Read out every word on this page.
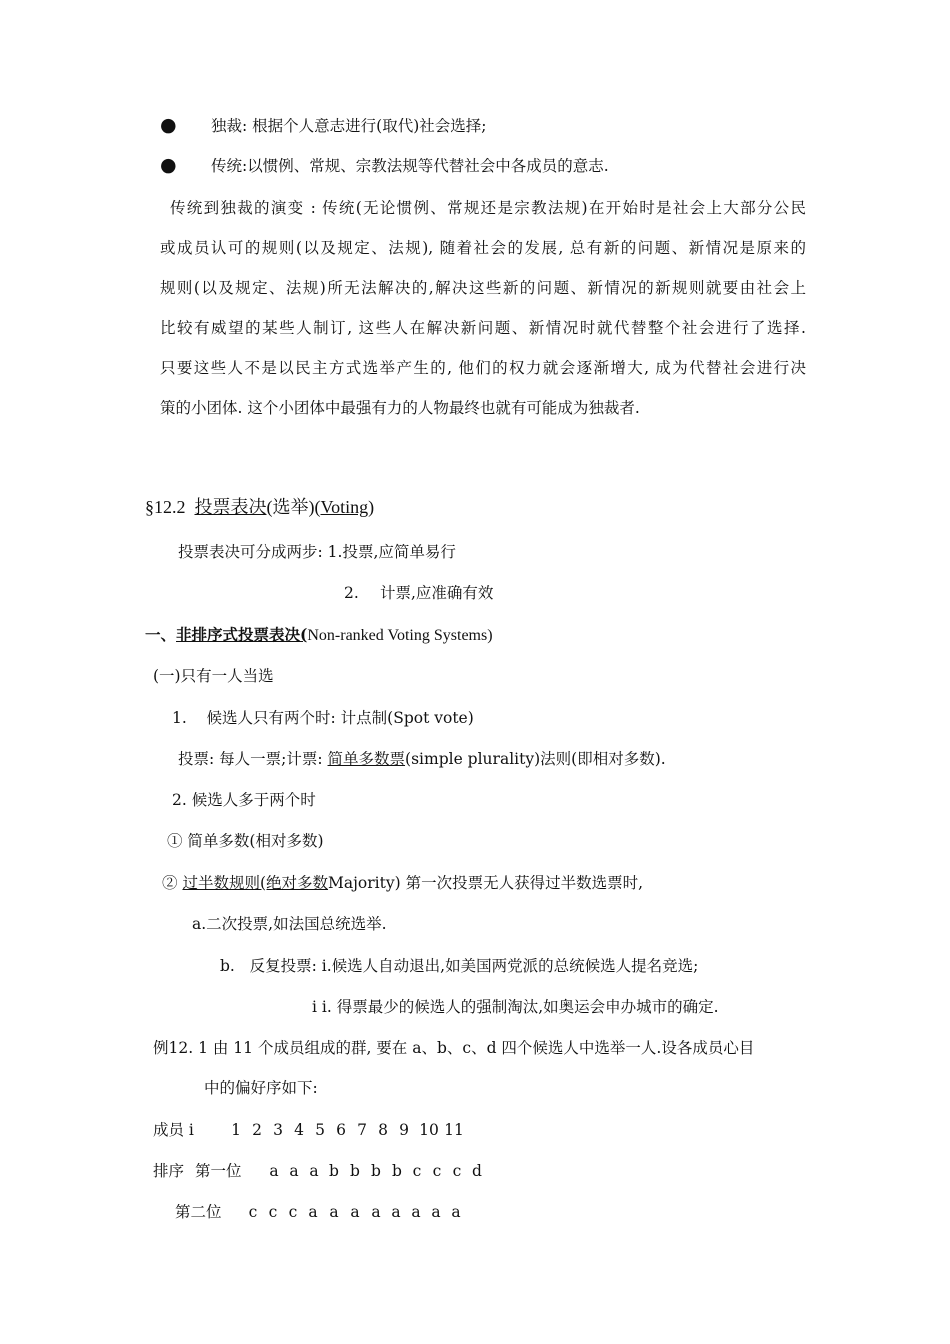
● 独裁: 根据个人意志进行(取代)社会选择;
● 传统:以惯例、常规、宗教法规等代替社会中各成员的意志.
传统到独裁的演变 : 传统(无论惯例、常规还是宗教法规)在开始时是社会上大部分公民
或成员认可的规则(以及规定、法规), 随着社会的发展, 总有新的问题、新情况是原来的
规则(以及规定、法规)所无法解决的,解决这些新的问题、新情况的新规则就要由社会上
比较有威望的某些人制订, 这些人在解决新问题、新情况时就代替整个社会进行了选择.
只要这些人不是以民主方式选举产生的, 他们的权力就会逐渐增大, 成为代替社会进行决
策的小团体. 这个小团体中最强有力的人物最终也就有可能成为独裁者.
§12.2 投票表决(选举)(Voting)
投票表决可分成两步: 1.投票,应简单易行
2. 计票,应准确有效
一、非排序式投票表决(Non-ranked Voting Systems)
(一)只有一人当选
1. 候选人只有两个时: 计点制(Spot vote)
投票: 每人一票;计票: 简单多数票(simple plurality)法则(即相对多数).
2. 候选人多于两个时
① 简单多数(相对多数)
② 过半数规则(绝对多数Majority) 第一次投票无人获得过半数选票时,
a.二次投票,如法国总统选举.
b. 反复投票: i.候选人自动退出,如美国两党派的总统候选人提名竞选;
i i. 得票最少的候选人的强制淘汰,如奥运会申办城市的确定.
例12. 1 由 11 个成员组成的群, 要在 a、b、c、d 四个候选人中选举一人.设各成员心目
中的偏好序如下:
成员 i	1 2 3 4 5 6 7 8 9 10 11
排序 第一位	a a a b b b b c c c d
第二位	c c c a a a a a a a a
